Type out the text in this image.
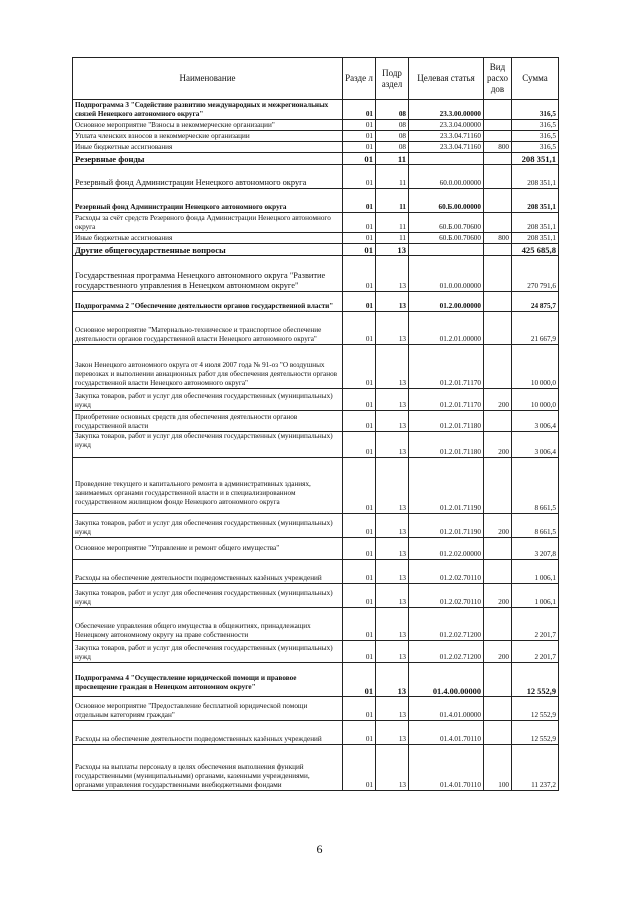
Наименование	Разде л	Подр аздел	Целевая статья	Вид расхо дов	Сумма
Подпрограмма 3 "Содействие развитию международных и межрегиональных связей Ненецкого автономного округа"	01	08	23.3.00.00000		316,5
Основное мероприятие "Взносы в некоммерческие организации"	01	08	23.3.04.00000		316,5
Уплата членских взносов в некоммерческие организации	01	08	23.3.04.71160		316,5
Иные бюджетные ассигнования	01	08	23.3.04.71160	800	316,5
Резервные фонды	01	11			208 351,1
Резервный фонд Администрации Ненецкого автономного округа	01	11	60.0.00.00000		208 351,1
Резервный фонд Администрации Ненецкого автономного округа	01	11	60.Б.00.00000		208 351,1
Расходы за счёт средств Резервного фонда Администрации Ненецкого автономного округа	01	11	60.Б.00.70600		208 351,1
Иные бюджетные ассигнования	01	11	60.Б.00.70600	800	208 351,1
Другие общегосударственные вопросы	01	13			425 685,8
Государственная программа Ненецкого автономного округа "Развитие государственного управления в Ненецком автономном округе"	01	13	01.0.00.00000		270 791,6
Подпрограмма 2 "Обеспечение деятельности органов государственной власти"	01	13	01.2.00.00000		24 875,7
Основное мероприятие "Материально-техническое и транспортное обеспечение деятельности органов государственной власти Ненецкого автономного округа"	01	13	01.2.01.00000		21 667,9
Закон Ненецкого автономного округа от 4 июля 2007 года № 91-оз "О воздушных перевозках и выполнении авиационных работ для обеспечения деятельности органов государственной власти Ненецкого автономного округа"	01	13	01.2.01.71170		10 000,0
Закупка товаров, работ и услуг для обеспечения государственных (муниципальных) нужд	01	13	01.2.01.71170	200	10 000,0
Приобретение основных средств для обеспечения деятельности органов государственной власти	01	13	01.2.01.71180		3 006,4
Закупка товаров, работ и услуг для обеспечения государственных (муниципальных) нужд	01	13	01.2.01.71180	200	3 006,4
Проведение текущего и капитального ремонта в административных зданиях, занимаемых органами государственной власти и в специализированном государственном жилищном фонде Ненецкого автономного округа	01	13	01.2.01.71190		8 661,5
Закупка товаров, работ и услуг для обеспечения государственных (муниципальных) нужд	01	13	01.2.01.71190	200	8 661,5
Основное мероприятие "Управление и ремонт общего имущества"	01	13	01.2.02.00000		3 207,8
Расходы на обеспечение деятельности подведомственных казённых учреждений	01	13	01.2.02.70110		1 006,1
Закупка товаров, работ и услуг для обеспечения государственных (муниципальных) нужд	01	13	01.2.02.70110	200	1 006,1
Обеспечение управления общего имущества в общежитиях, принадлежащих Ненецкому автономному округу на праве собственности	01	13	01.2.02.71200		2 201,7
Закупка товаров, работ и услуг для обеспечения государственных (муниципальных) нужд	01	13	01.2.02.71200	200	2 201,7
Подпрограмма 4 "Осуществление юридической помощи и правовое просвещение граждан в Ненецком автономном округе"	01	13	01.4.00.00000		12 552,9
Основное мероприятие "Предоставление бесплатной юридической помощи отдельным категориям граждан"	01	13	01.4.01.00000		12 552,9
Расходы на обеспечение деятельности подведомственных казённых учреждений	01	13	01.4.01.70110		12 552,9
Расходы на выплаты персоналу в целях обеспечения выполнения функций государственными (муниципальными) органами, казенными учреждениями, органами управления государственными внебюджетными фондами	01	13	01.4.01.70110	100	11 237,2
6
